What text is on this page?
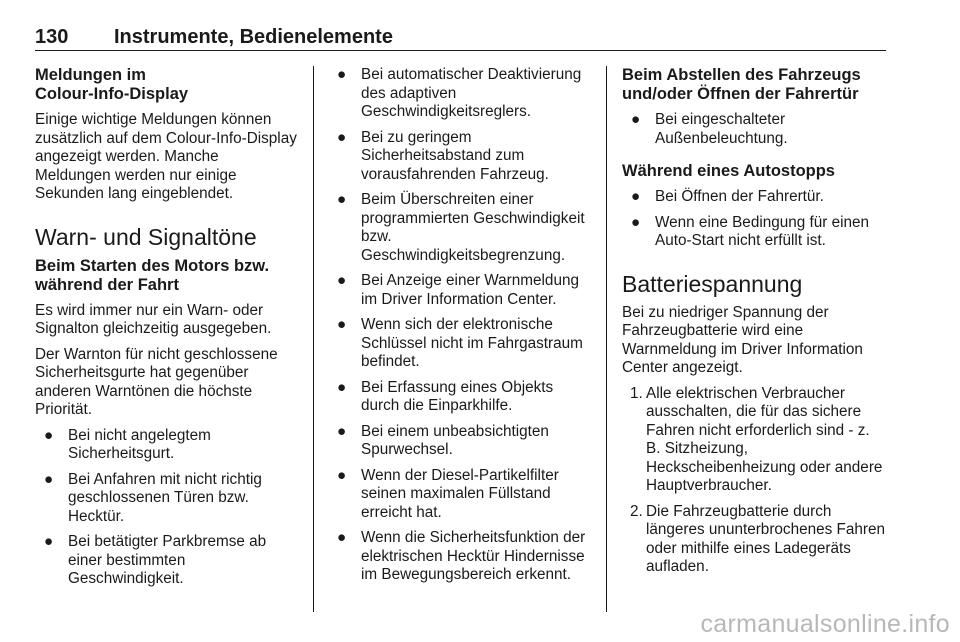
130 Instrumente, Bedienelemente
Meldungen im
Colour-Info-Display

Einige wichtige Meldungen können zusätzlich auf dem Colour-Info-Display angezeigt werden. Manche Meldungen werden nur einige Sekunden lang eingeblendet.

Warn- und Signaltöne
Beim Starten des Motors bzw.
während der Fahrt

Es wird immer nur ein Warn- oder Signalton gleichzeitig ausgegeben.

Der Warnton für nicht geschlossene Sicherheitsgurte hat gegenüber anderen Warntönen die höchste Priorität.

● Bei nicht angelegtem Sicherheitsgurt.
● Bei Anfahren mit nicht richtig geschlossenen Türen bzw. Hecktür.
● Bei betätigter Parkbremse ab einer bestimmten Geschwindigkeit.
● Bei automatischer Deaktivierung des adaptiven Geschwindigkeitsreglers.
● Bei zu geringem Sicherheitsabstand zum vorausfahrenden Fahrzeug.
● Beim Überschreiten einer programmierten Geschwindigkeit bzw. Geschwindigkeitsbegrenzung.
● Bei Anzeige einer Warnmeldung im Driver Information Center.
● Wenn sich der elektronische Schlüssel nicht im Fahrgastraum befindet.
● Bei Erfassung eines Objekts durch die Einparkhilfe.
● Bei einem unbeabsichtigten Spurwechsel.
● Wenn der Diesel-Partikelfilter seinen maximalen Füllstand erreicht hat.
● Wenn die Sicherheitsfunktion der elektrischen Hecktür Hindernisse im Bewegungsbereich erkennt.
Beim Abstellen des Fahrzeugs
und/oder Öffnen der Fahrertür
● Bei eingeschalteter Außenbeleuchtung.
Während eines Autostopps
● Bei Öffnen der Fahrertür.
● Wenn eine Bedingung für einen Auto-Start nicht erfüllt ist.
Batteriespannung

Bei zu niedriger Spannung der Fahrzeugbatterie wird eine Warnmeldung im Driver Information Center angezeigt.

1. Alle elektrischen Verbraucher ausschalten, die für das sichere Fahren nicht erforderlich sind - z. B. Sitzheizung, Heckscheibenheizung oder andere Hauptverbraucher.
2. Die Fahrzeugbatterie durch längeres ununterbrochenes Fahren oder mithilfe eines Ladegeräts aufladen.
carmanualsonline.info
